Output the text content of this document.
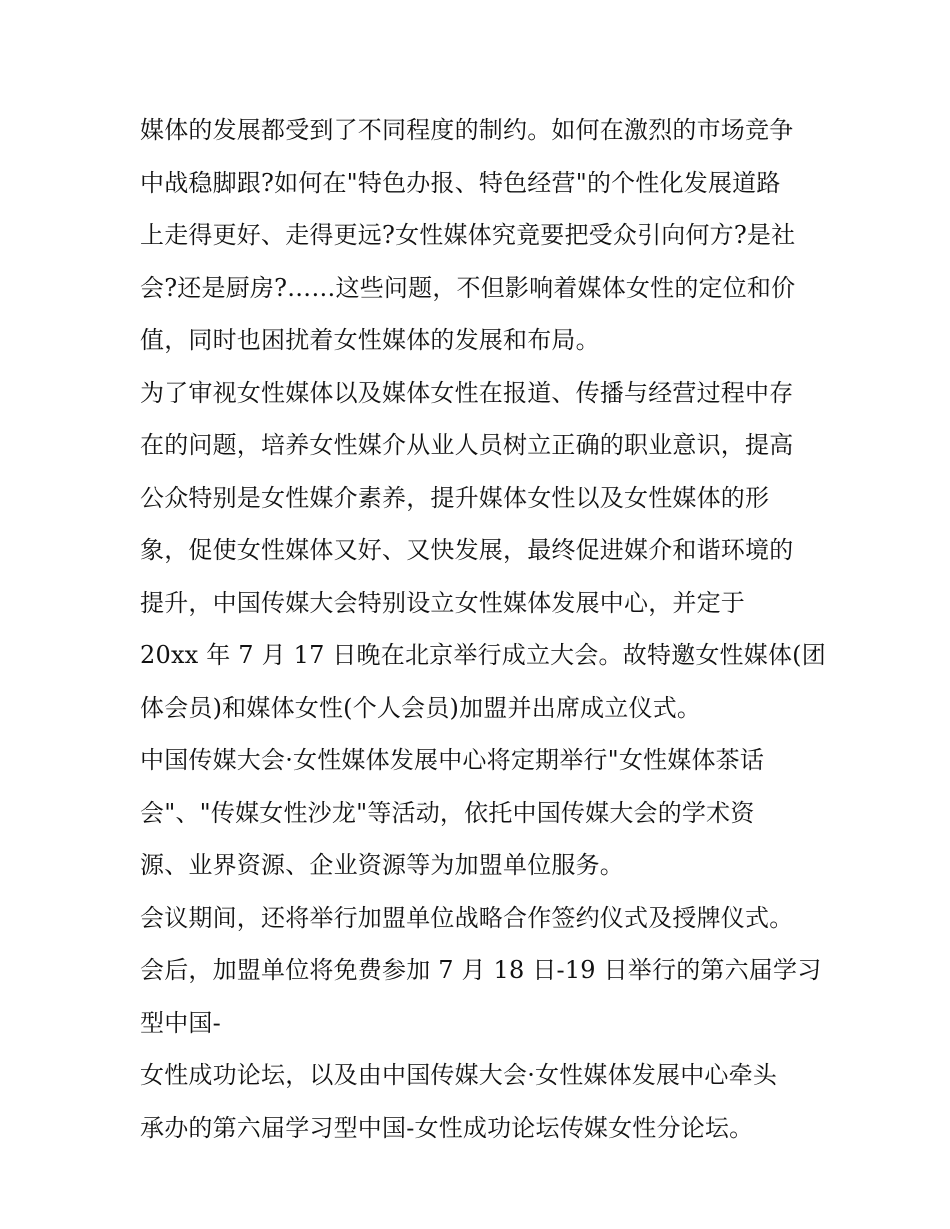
媒体的发展都受到了不同程度的制约。如何在激烈的市场竞争

中战稳脚跟?如何在"特色办报、特色经营"的个性化发展道路

上走得更好、走得更远?女性媒体究竟要把受众引向何方?是社

会?还是厨房?……这些问题，不但影响着媒体女性的定位和价

值，同时也困扰着女性媒体的发展和布局。

为了审视女性媒体以及媒体女性在报道、传播与经营过程中存

在的问题，培养女性媒介从业人员树立正确的职业意识，提高

公众特别是女性媒介素养，提升媒体女性以及女性媒体的形

象，促使女性媒体又好、又快发展，最终促进媒介和谐环境的

提升，中国传媒大会特别设立女性媒体发展中心，并定于

20xx 年 7 月 17 日晚在北京举行成立大会。故特邀女性媒体(团

体会员)和媒体女性(个人会员)加盟并出席成立仪式。

中国传媒大会·女性媒体发展中心将定期举行"女性媒体茶话

会"、"传媒女性沙龙"等活动，依托中国传媒大会的学术资

源、业界资源、企业资源等为加盟单位服务。

会议期间，还将举行加盟单位战略合作签约仪式及授牌仪式。

会后，加盟单位将免费参加 7 月 18 日-19 日举行的第六届学习

型中国-

女性成功论坛，以及由中国传媒大会·女性媒体发展中心牵头

承办的第六届学习型中国-女性成功论坛传媒女性分论坛。
